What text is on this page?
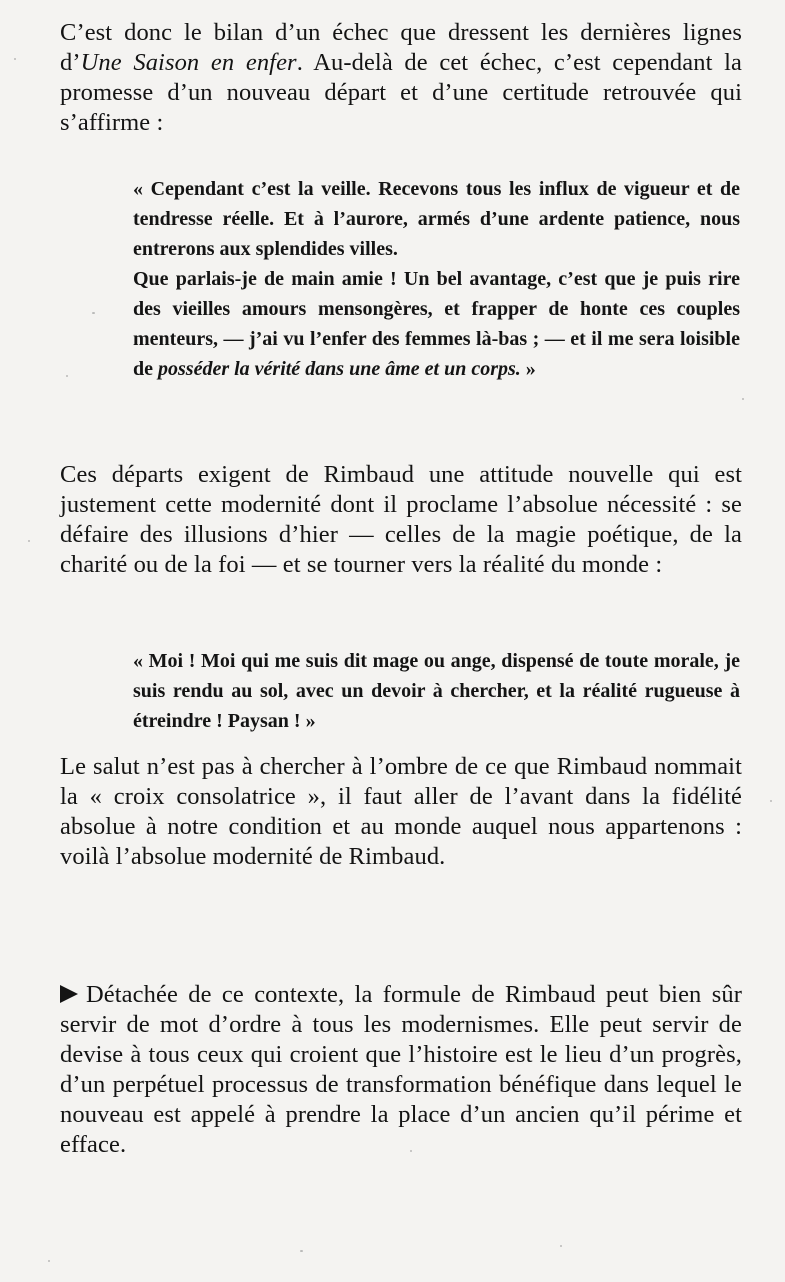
C’est donc le bilan d’un échec que dressent les dernières lignes d’Une Saison en enfer. Au-delà de cet échec, c’est cependant la promesse d’un nouveau départ et d’une certitude retrouvée qui s’affirme :

« Cependant c’est la veille. Recevons tous les influx de vigueur et de tendresse réelle. Et à l’aurore, armés d’une ardente patience, nous entrerons aux splendides villes.

Que parlais-je de main amie ! Un bel avantage, c’est que je puis rire des vieilles amours mensongères, et frapper de honte ces couples menteurs, — j’ai vu l’enfer des femmes là-bas ; — et il me sera loisible de posséder la vérité dans une âme et un corps. »

Ces départs exigent de Rimbaud une attitude nouvelle qui est justement cette modernité dont il proclame l’absolue nécessité : se défaire des illusions d’hier — celles de la magie poétique, de la charité ou de la foi — et se tourner vers la réalité du monde :

« Moi ! Moi qui me suis dit mage ou ange, dispensé de toute morale, je suis rendu au sol, avec un devoir à chercher, et la réalité rugueuse à étreindre ! Paysan ! »

Le salut n’est pas à chercher à l’ombre de ce que Rimbaud nommait la « croix consolatrice », il faut aller de l’avant dans la fidélité absolue à notre condition et au monde auquel nous appartenons : voilà l’absolue modernité de Rimbaud.

Détachée de ce contexte, la formule de Rimbaud peut bien sûr servir de mot d’ordre à tous les modernismes. Elle peut servir de devise à tous ceux qui croient que l’histoire est le lieu d’un progrès, d’un perpétuel processus de transformation bénéfique dans lequel le nouveau est appelé à prendre la place d’un ancien qu’il périme et efface.
